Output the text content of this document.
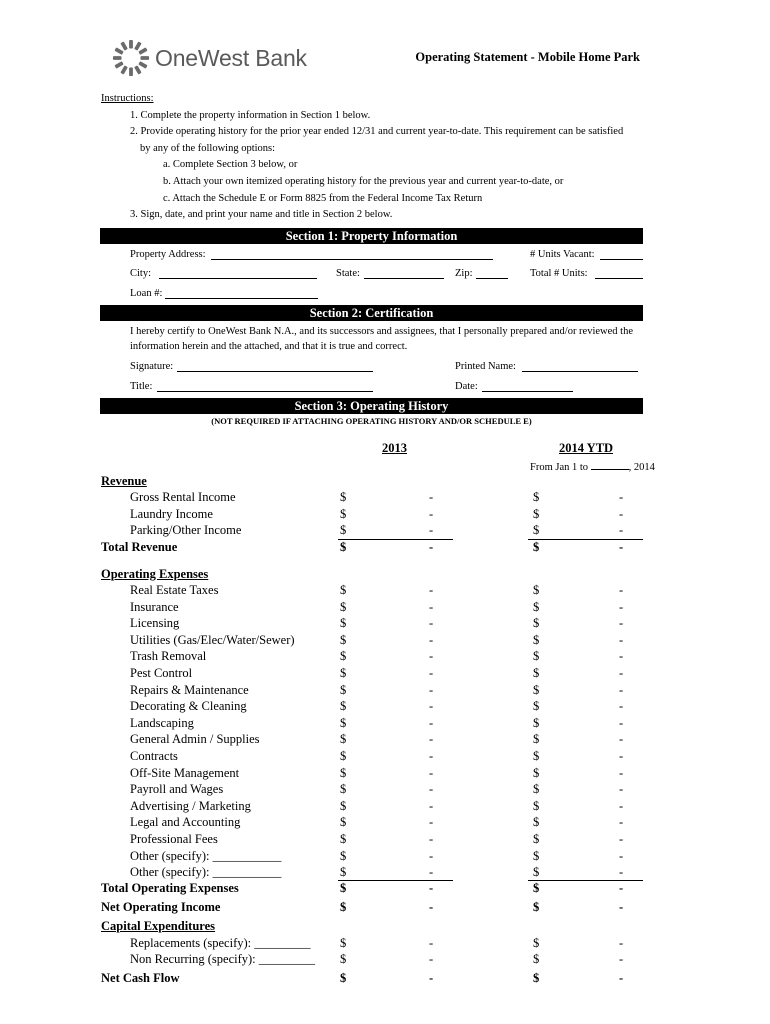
OneWest Bank	Operating Statement - Mobile Home Park
Instructions:
1. Complete the property information in Section 1 below.
2. Provide operating history for the prior year ended 12/31 and current year-to-date. This requirement can be satisfied
by any of the following options:
a. Complete Section 3 below, or
b. Attach your own itemized operating history for the previous year and current year-to-date, or
c. Attach the Schedule E or Form 8825 from the Federal Income Tax Return
3. Sign, date, and print your name and title in Section 2 below.
Section 1: Property Information
Property Address:	# Units Vacant:
City:	State:	Zip:	Total # Units:
Loan #:
Section 2: Certification
I hereby certify to OneWest Bank N.A., and its successors and assignees, that I personally prepared and/or reviewed the
information herein and the attached, and that it is true and correct.
Signature:	Printed Name:
Title:	Date:
Section 3: Operating History
(NOT REQUIRED IF ATTACHING OPERATING HISTORY AND/OR SCHEDULE E)
2013	2014 YTD
From Jan 1 to	, 2014
Revenue
Gross Rental Income	$	-	$	-
Laundry Income	$	-	$	-
Parking/Other Income	$	-	$	-
Total Revenue	$	-	$	-
Operating Expenses
Real Estate Taxes	$	-	$	-
Insurance	$	-	$	-
Licensing	$	-	$	-
Utilities (Gas/Elec/Water/Sewer)	$	-	$	-
Trash Removal	$	-	$	-
Pest Control	$	-	$	-
Repairs & Maintenance	$	-	$	-
Decorating & Cleaning	$	-	$	-
Landscaping	$	-	$	-
General Admin / Supplies	$	-	$	-
Contracts	$	-	$	-
Off-Site Management	$	-	$	-
Payroll and Wages	$	-	$	-
Advertising / Marketing	$	-	$	-
Legal and Accounting	$	-	$	-
Professional Fees	$	-	$	-
Other (specify): ___________	$	-	$	-
Other (specify): ___________	$	-	$	-
Total Operating Expenses	$	-	$	-
Net Operating Income	$	-	$	-
Capital Expenditures
Replacements (specify): _________ $	-	$	-
Non Recurring (specify): _________ $	-	$	-
Net Cash Flow	$	-	$	-
